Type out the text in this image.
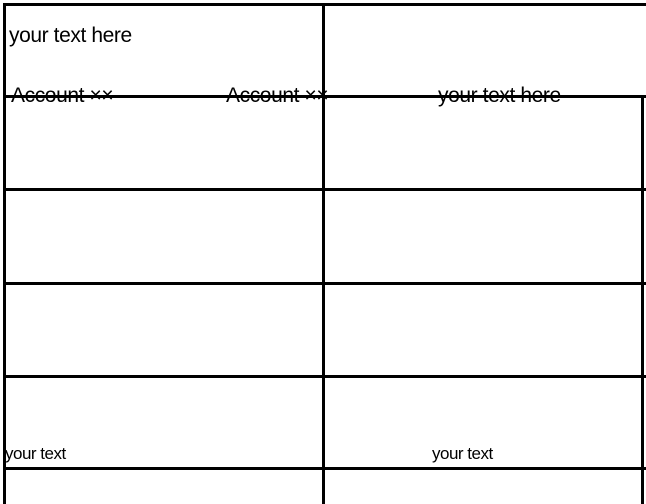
your text here
Account ××	Account ××	your text here
your text	your text
